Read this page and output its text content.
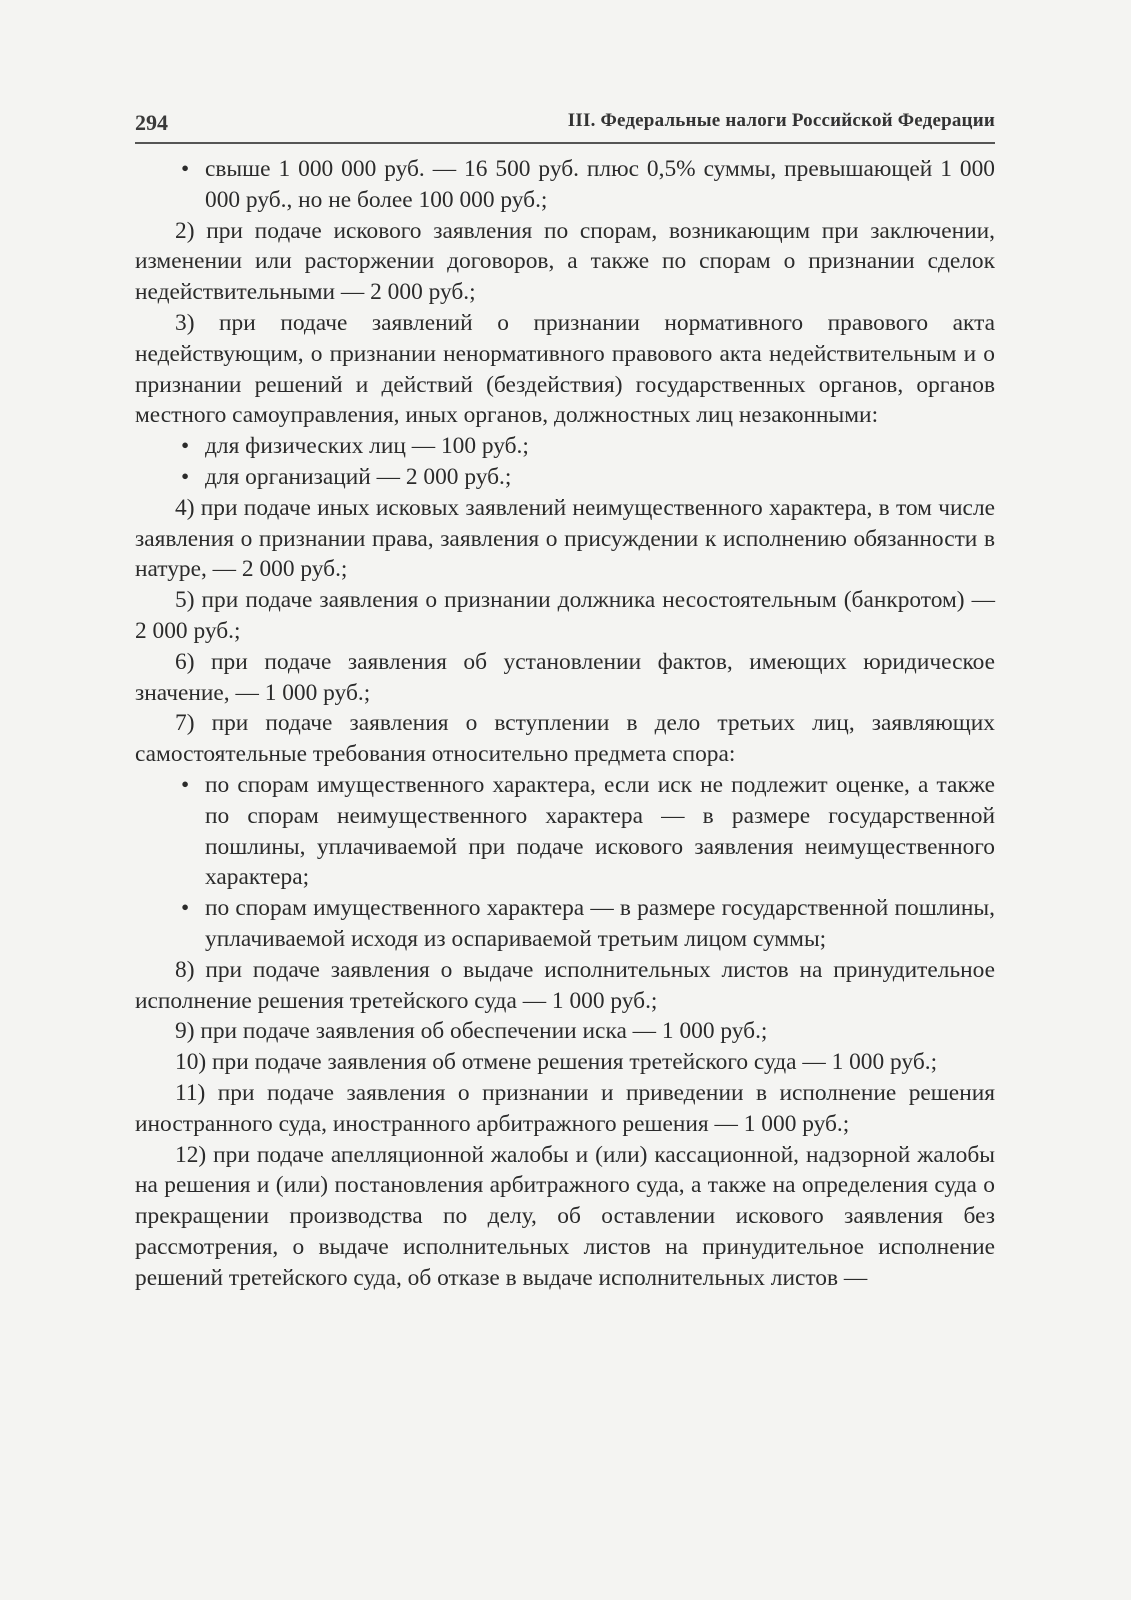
294	III. Федеральные налоги Российской Федерации

• свыше 1 000 000 руб. — 16 500 руб. плюс 0,5% суммы, превышающей 1 000 000 руб., но не более 100 000 руб.;

2) при подаче искового заявления по спорам, возникающим при заключении, изменении или расторжении договоров, а также по спорам о признании сделок недействительными — 2 000 руб.;

3) при подаче заявлений о признании нормативного правового акта недействующим, о признании ненормативного правового акта недействительным и о признании решений и действий (бездействия) государственных органов, органов местного самоуправления, иных органов, должностных лиц незаконными:

• для физических лиц — 100 руб.;

• для организаций — 2 000 руб.;

4) при подаче иных исковых заявлений неимущественного характера, в том числе заявления о признании права, заявления о присуждении к исполнению обязанности в натуре, — 2 000 руб.;

5) при подаче заявления о признании должника несостоятельным (банкротом) — 2 000 руб.;

6) при подаче заявления об установлении фактов, имеющих юридическое значение, — 1 000 руб.;

7) при подаче заявления о вступлении в дело третьих лиц, заявляющих самостоятельные требования относительно предмета спора:

• по спорам имущественного характера, если иск не подлежит оценке, а также по спорам неимущественного характера — в размере государственной пошлины, уплачиваемой при подаче искового заявления неимущественного характера;

• по спорам имущественного характера — в размере государственной пошлины, уплачиваемой исходя из оспариваемой третьим лицом суммы;

8) при подаче заявления о выдаче исполнительных листов на принудительное исполнение решения третейского суда — 1 000 руб.;

9) при подаче заявления об обеспечении иска — 1 000 руб.;

10) при подаче заявления об отмене решения третейского суда — 1 000 руб.;

11) при подаче заявления о признании и приведении в исполнение решения иностранного суда, иностранного арбитражного решения — 1 000 руб.;

12) при подаче апелляционной жалобы и (или) кассационной, надзорной жалобы на решения и (или) постановления арбитражного суда, а также на определения суда о прекращении производства по делу, об оставлении искового заявления без рассмотрения, о выдаче исполнительных листов на принудительное исполнение решений третейского суда, об отказе в выдаче исполнительных листов —
